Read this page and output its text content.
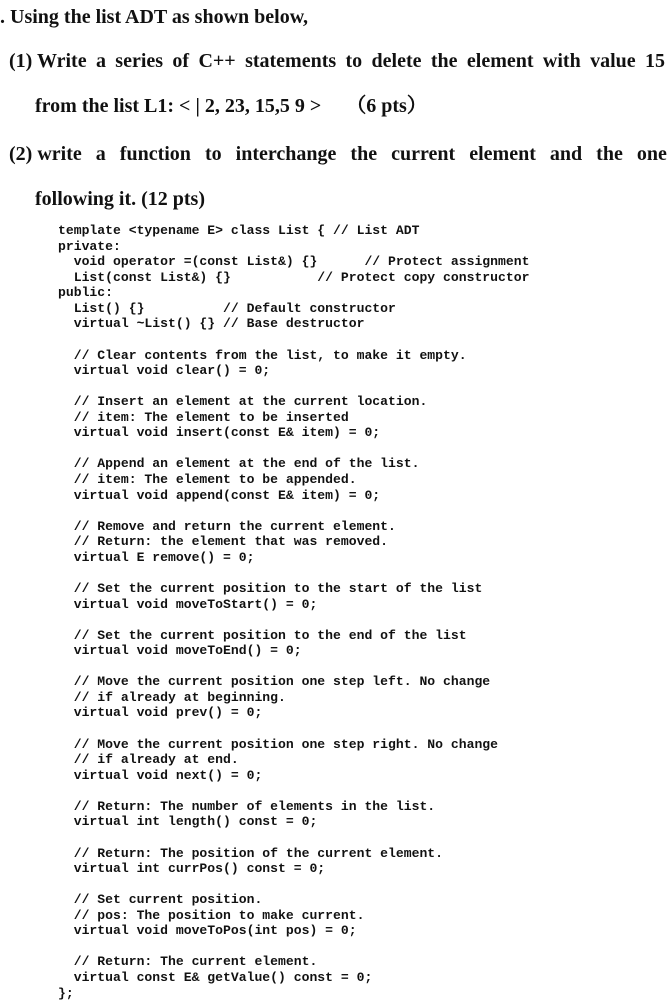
. Using the list ADT as shown below,
(1) Write a series of C++ statements to delete the element with value 15
from the list L1: < | 2, 23, 15,5 9 >     （6 pts）
(2) write a function to interchange the current element and the one
following it. (12 pts)
template <typename E> class List { // List ADT
private:
void operator =(const List&) {}      // Protect assignment
List(const List&) {}           // Protect copy constructor
public:
List() {}          // Default constructor
virtual ~List() {} // Base destructor
// Clear contents from the list, to make it empty.
virtual void clear() = 0;
// Insert an element at the current location.
// item: The element to be inserted
virtual void insert(const E& item) = 0;
// Append an element at the end of the list.
// item: The element to be appended.
virtual void append(const E& item) = 0;
// Remove and return the current element.
// Return: the element that was removed.
virtual E remove() = 0;
// Set the current position to the start of the list
virtual void moveToStart() = 0;
// Set the current position to the end of the list
virtual void moveToEnd() = 0;
// Move the current position one step left. No change
// if already at beginning.
virtual void prev() = 0;
// Move the current position one step right. No change
// if already at end.
virtual void next() = 0;
// Return: The number of elements in the list.
virtual int length() const = 0;
// Return: The position of the current element.
virtual int currPos() const = 0;
// Set current position.
// pos: The position to make current.
virtual void moveToPos(int pos) = 0;
// Return: The current element.
virtual const E& getValue() const = 0;
};
